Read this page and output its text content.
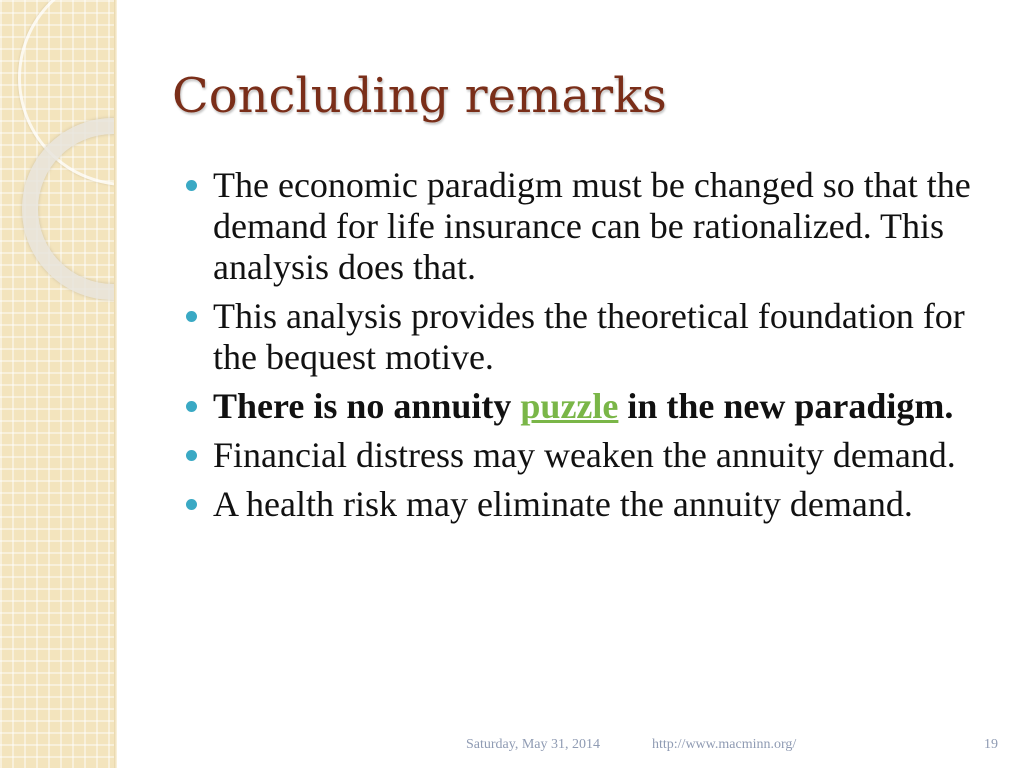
Concluding remarks
The economic paradigm must be changed so that the demand for life insurance can be rationalized. This analysis does that.
This analysis provides the theoretical foundation for the bequest motive.
There is no annuity puzzle in the new paradigm.
Financial distress may weaken the annuity demand.
A health risk may eliminate the annuity demand.
Saturday, May 31, 2014	http://www.macminn.org/	19
